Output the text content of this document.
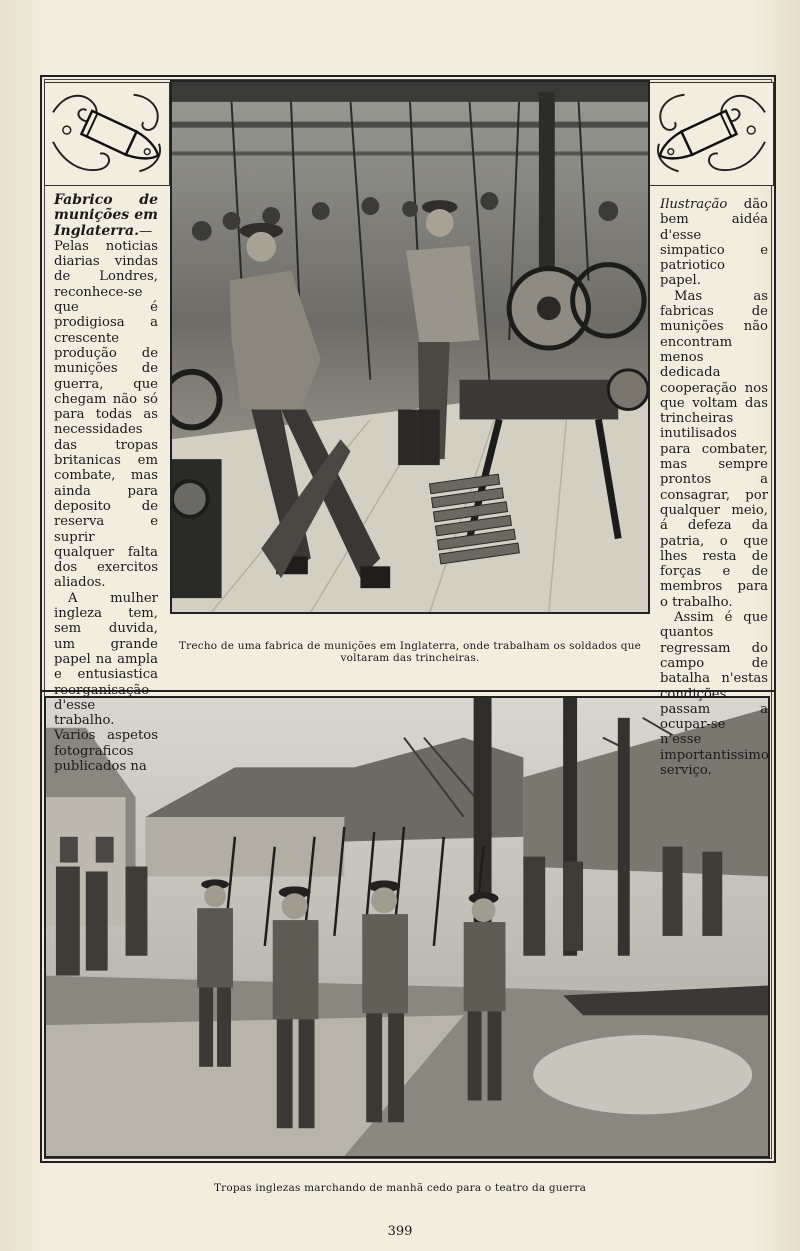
Fabrico de munições em Inglaterra.— Pelas noticias diarias vindas de Londres, reconhece-se que é prodigiosa a crescente produção de munições de guerra, que chegam não só para todas as necessidades das tropas britanicas em combate, mas ainda para deposito de reserva e suprir qualquer falta dos exercitos aliados.

A mulher ingleza tem, sem duvida, um grande papel na ampla e entusiastica reorganisação d'esse trabalho. Varios aspetos fotograficos publicados na

Ilustração dão bem aidéa d'esse simpatico e patriotico papel.

Mas as fabricas de munições não encontram menos dedicada cooperação nos que voltam das trincheiras inutilisados para combater, mas sempre prontos a consagrar, por qualquer meio, á defeza da patria, o que lhes resta de forças e de membros para o trabalho.

Assim é que quantos regressam do campo de batalha n'estas condições passam a ocupar-se n'esse importantissimo serviço.

Trecho de uma fabrica de munições em Inglaterra, onde trabalham os soldados que voltaram das trincheiras.
Tropas inglezas marchando de manhã cedo para o teatro da guerra
399
